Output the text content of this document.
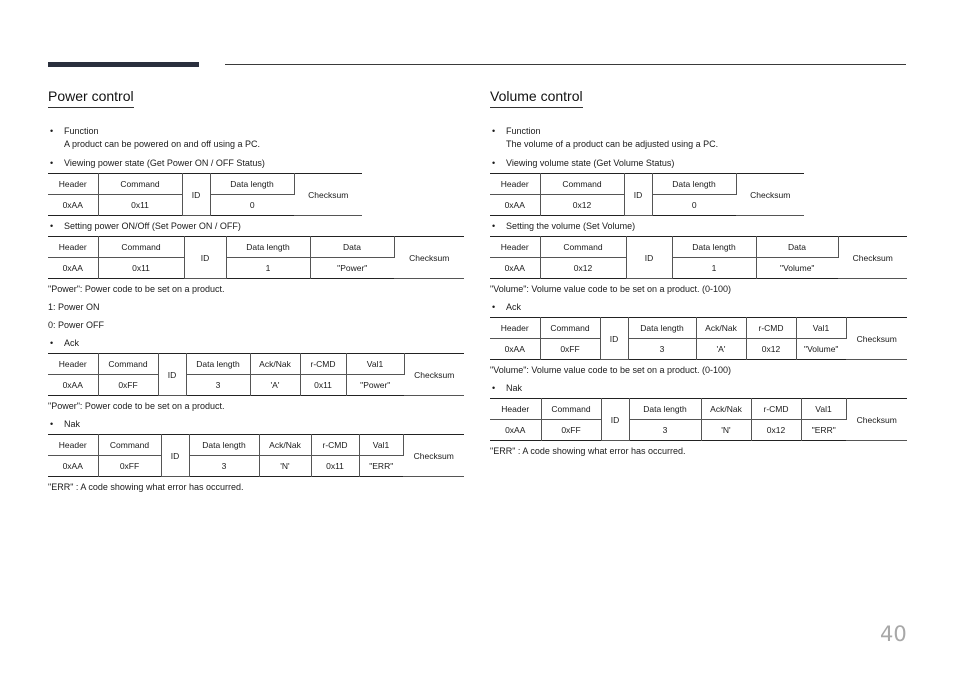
Power control
• Function
A product can be powered on and off using a PC.
• Viewing power state (Get Power ON / OFF Status)
Header	Command	ID	Data length	Checksum
0xAA	0x11		0	
• Setting power ON/Off (Set Power ON / OFF)
Header	Command	ID	Data length	Data	Checksum
0xAA	0x11		1	"Power"	
"Power": Power code to be set on a product.
1: Power ON
0: Power OFF
• Ack
Header	Command	ID	Data length	Ack/Nak	r-CMD	Val1	Checksum
0xAA	0xFF		3	'A'	0x11	"Power"	
"Power": Power code to be set on a product.
• Nak
Header	Command	ID	Data length	Ack/Nak	r-CMD	Val1	Checksum
0xAA	0xFF		3	'N'	0x11	"ERR"	
"ERR" : A code showing what error has occurred.
Volume control
• Function
The volume of a product can be adjusted using a PC.
• Viewing volume state (Get Volume Status)
Header	Command	ID	Data length	Checksum
0xAA	0x12		0	
• Setting the volume (Set Volume)
Header	Command	ID	Data length	Data	Checksum
0xAA	0x12		1	"Volume"	
"Volume": Volume value code to be set on a product. (0-100)
• Ack
Header	Command	ID	Data length	Ack/Nak	r-CMD	Val1	Checksum
0xAA	0xFF		3	'A'	0x12	"Volume"	
"Volume": Volume value code to be set on a product. (0-100)
• Nak
Header	Command	ID	Data length	Ack/Nak	r-CMD	Val1	Checksum
0xAA	0xFF		3	'N'	0x12	"ERR"	
"ERR" : A code showing what error has occurred.
40
